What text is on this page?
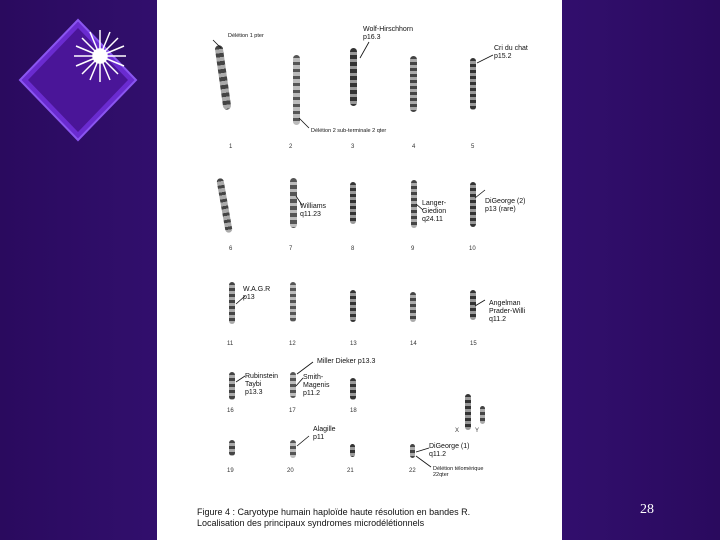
1	2	3	4	5
6	7	8	9	10
11	12	13	14	15
16	17	18
X	Y
19	20	21	22
Délétion 1 pter
Wolf-Hirschhorn
p16.3
Cri du chat
p15.2
Délétion 2 sub-terminale 2 qter
Williams
q11.23
Langer-
Giedion
q24.11
DiGeorge (2)
p13 (rare)
W.A.G.R
p13
Angelman
Prader-Willi
q11.2
Miller Dieker p13.3
Rubinstein
Taybi
p13.3
Smith-
Magenis
p11.2
Alagille
p11
DiGeorge (1)
q11.2
Délétion télomérique
22qter
Figure 4 : Caryotype humain haploïde haute résolution en bandes R.
Localisation des principaux syndromes microdélétionnels
28
